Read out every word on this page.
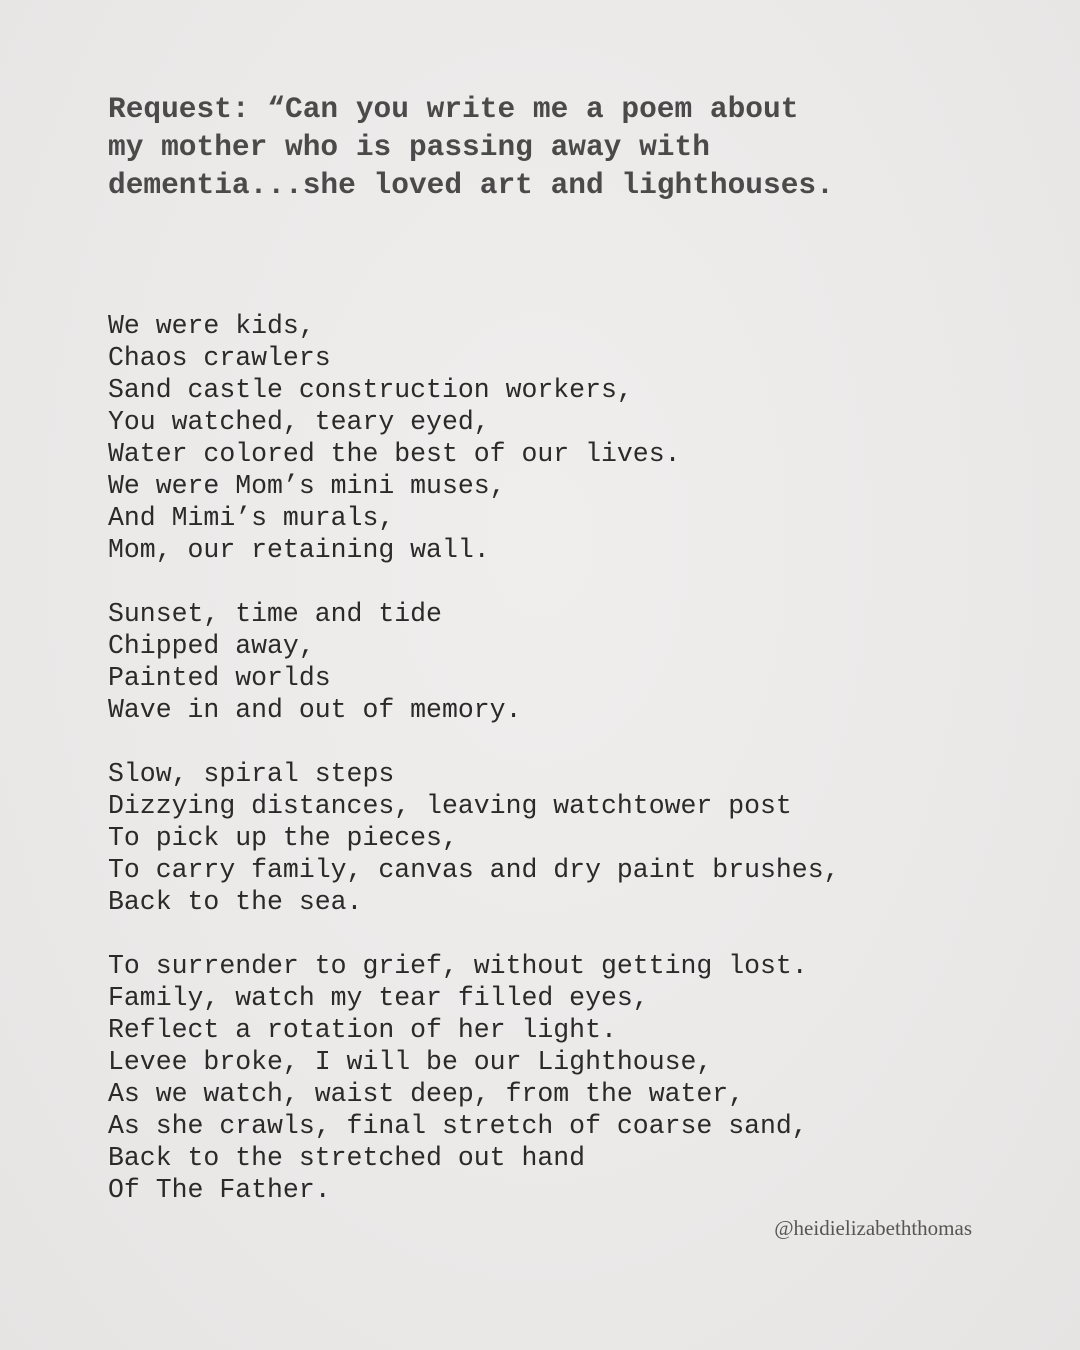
Request: “Can you write me a poem about
my mother who is passing away with
dementia...she loved art and lighthouses.
We were kids,
Chaos crawlers
Sand castle construction workers,
You watched, teary eyed,
Water colored the best of our lives.
We were Mom’s mini muses,
And Mimi’s murals,
Mom, our retaining wall.
Sunset, time and tide
Chipped away,
Painted worlds
Wave in and out of memory.
Slow, spiral steps
Dizzying distances, leaving watchtower post
To pick up the pieces,
To carry family, canvas and dry paint brushes,
Back to the sea.
To surrender to grief, without getting lost.
Family, watch my tear filled eyes,
Reflect a rotation of her light.
Levee broke, I will be our Lighthouse,
As we watch, waist deep, from the water,
As she crawls, final stretch of coarse sand,
Back to the stretched out hand
Of The Father.
@heidielizabeththomas
